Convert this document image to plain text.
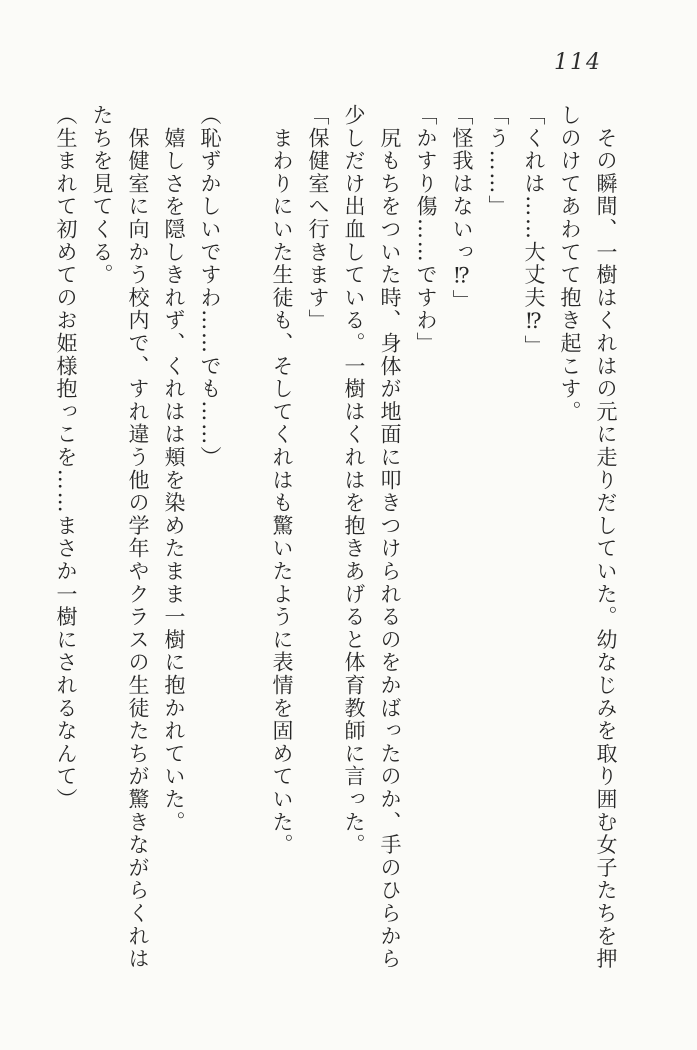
114

　その瞬間、一樹はくれはの元に走りだしていた。幼なじみを取り囲む女子たちを押

しのけてあわてて抱き起こす。

「くれは……大丈夫⁉」

「う……」

「怪我はないっ⁉」

「かすり傷……ですわ」

　尻もちをついた時、身体が地面に叩きつけられるのをかばったのか、手のひらから

少しだけ出血している。一樹はくれはを抱きあげると体育教師に言った。

「保健室へ行きます」

　まわりにいた生徒も、そしてくれはも驚いたように表情を固めていた。

（恥ずかしいですわ……でも……）

　嬉しさを隠しきれず、くれはは頬を染めたまま一樹に抱かれていた。

　保健室に向かう校内で、すれ違う他の学年やクラスの生徒たちが驚きながらくれは

たちを見てくる。

（生まれて初めてのお姫様抱っこを……まさか一樹にされるなんて）
